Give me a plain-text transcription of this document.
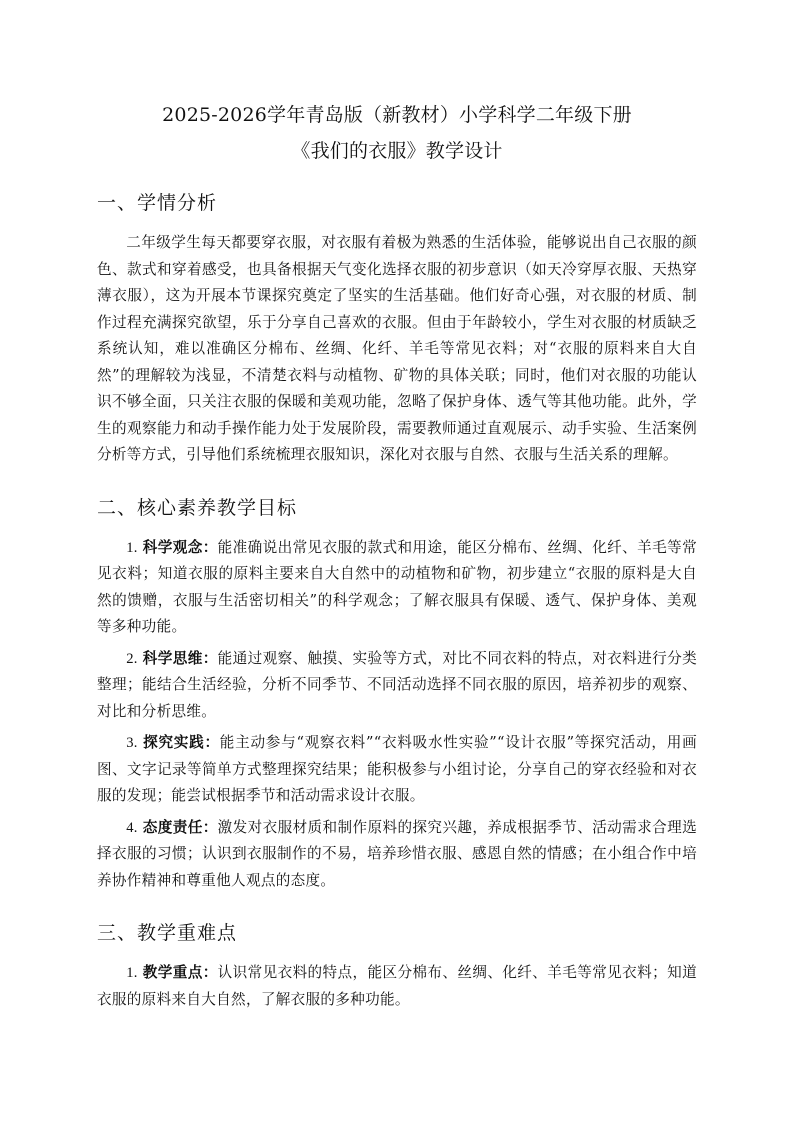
2025-2026学年青岛版（新教材）小学科学二年级下册
《我们的衣服》教学设计
一、学情分析

二年级学生每天都要穿衣服，对衣服有着极为熟悉的生活体验，能够说出自己衣服的颜色、款式和穿着感受，也具备根据天气变化选择衣服的初步意识（如天冷穿厚衣服、天热穿薄衣服），这为开展本节课探究奠定了坚实的生活基础。他们好奇心强，对衣服的材质、制作过程充满探究欲望，乐于分享自己喜欢的衣服。但由于年龄较小，学生对衣服的材质缺乏系统认知，难以准确区分棉布、丝绸、化纤、羊毛等常见衣料；对“衣服的原料来自大自然”的理解较为浅显，不清楚衣料与动植物、矿物的具体关联；同时，他们对衣服的功能认识不够全面，只关注衣服的保暖和美观功能，忽略了保护身体、透气等其他功能。此外，学生的观察能力和动手操作能力处于发展阶段，需要教师通过直观展示、动手实验、生活案例分析等方式，引导他们系统梳理衣服知识，深化对衣服与自然、衣服与生活关系的理解。

二、核心素养教学目标

1. 科学观念：能准确说出常见衣服的款式和用途，能区分棉布、丝绸、化纤、羊毛等常见衣料；知道衣服的原料主要来自大自然中的动植物和矿物，初步建立“衣服的原料是大自然的馈赠，衣服与生活密切相关”的科学观念；了解衣服具有保暖、透气、保护身体、美观等多种功能。

2. 科学思维：能通过观察、触摸、实验等方式，对比不同衣料的特点，对衣料进行分类整理；能结合生活经验，分析不同季节、不同活动选择不同衣服的原因，培养初步的观察、对比和分析思维。

3. 探究实践：能主动参与“观察衣料”“衣料吸水性实验”“设计衣服”等探究活动，用画图、文字记录等简单方式整理探究结果；能积极参与小组讨论，分享自己的穿衣经验和对衣服的发现；能尝试根据季节和活动需求设计衣服。

4. 态度责任：激发对衣服材质和制作原料的探究兴趣，养成根据季节、活动需求合理选择衣服的习惯；认识到衣服制作的不易，培养珍惜衣服、感恩自然的情感；在小组合作中培养协作精神和尊重他人观点的态度。

三、教学重难点

1. 教学重点：认识常见衣料的特点，能区分棉布、丝绸、化纤、羊毛等常见衣料；知道衣服的原料来自大自然，了解衣服的多种功能。
